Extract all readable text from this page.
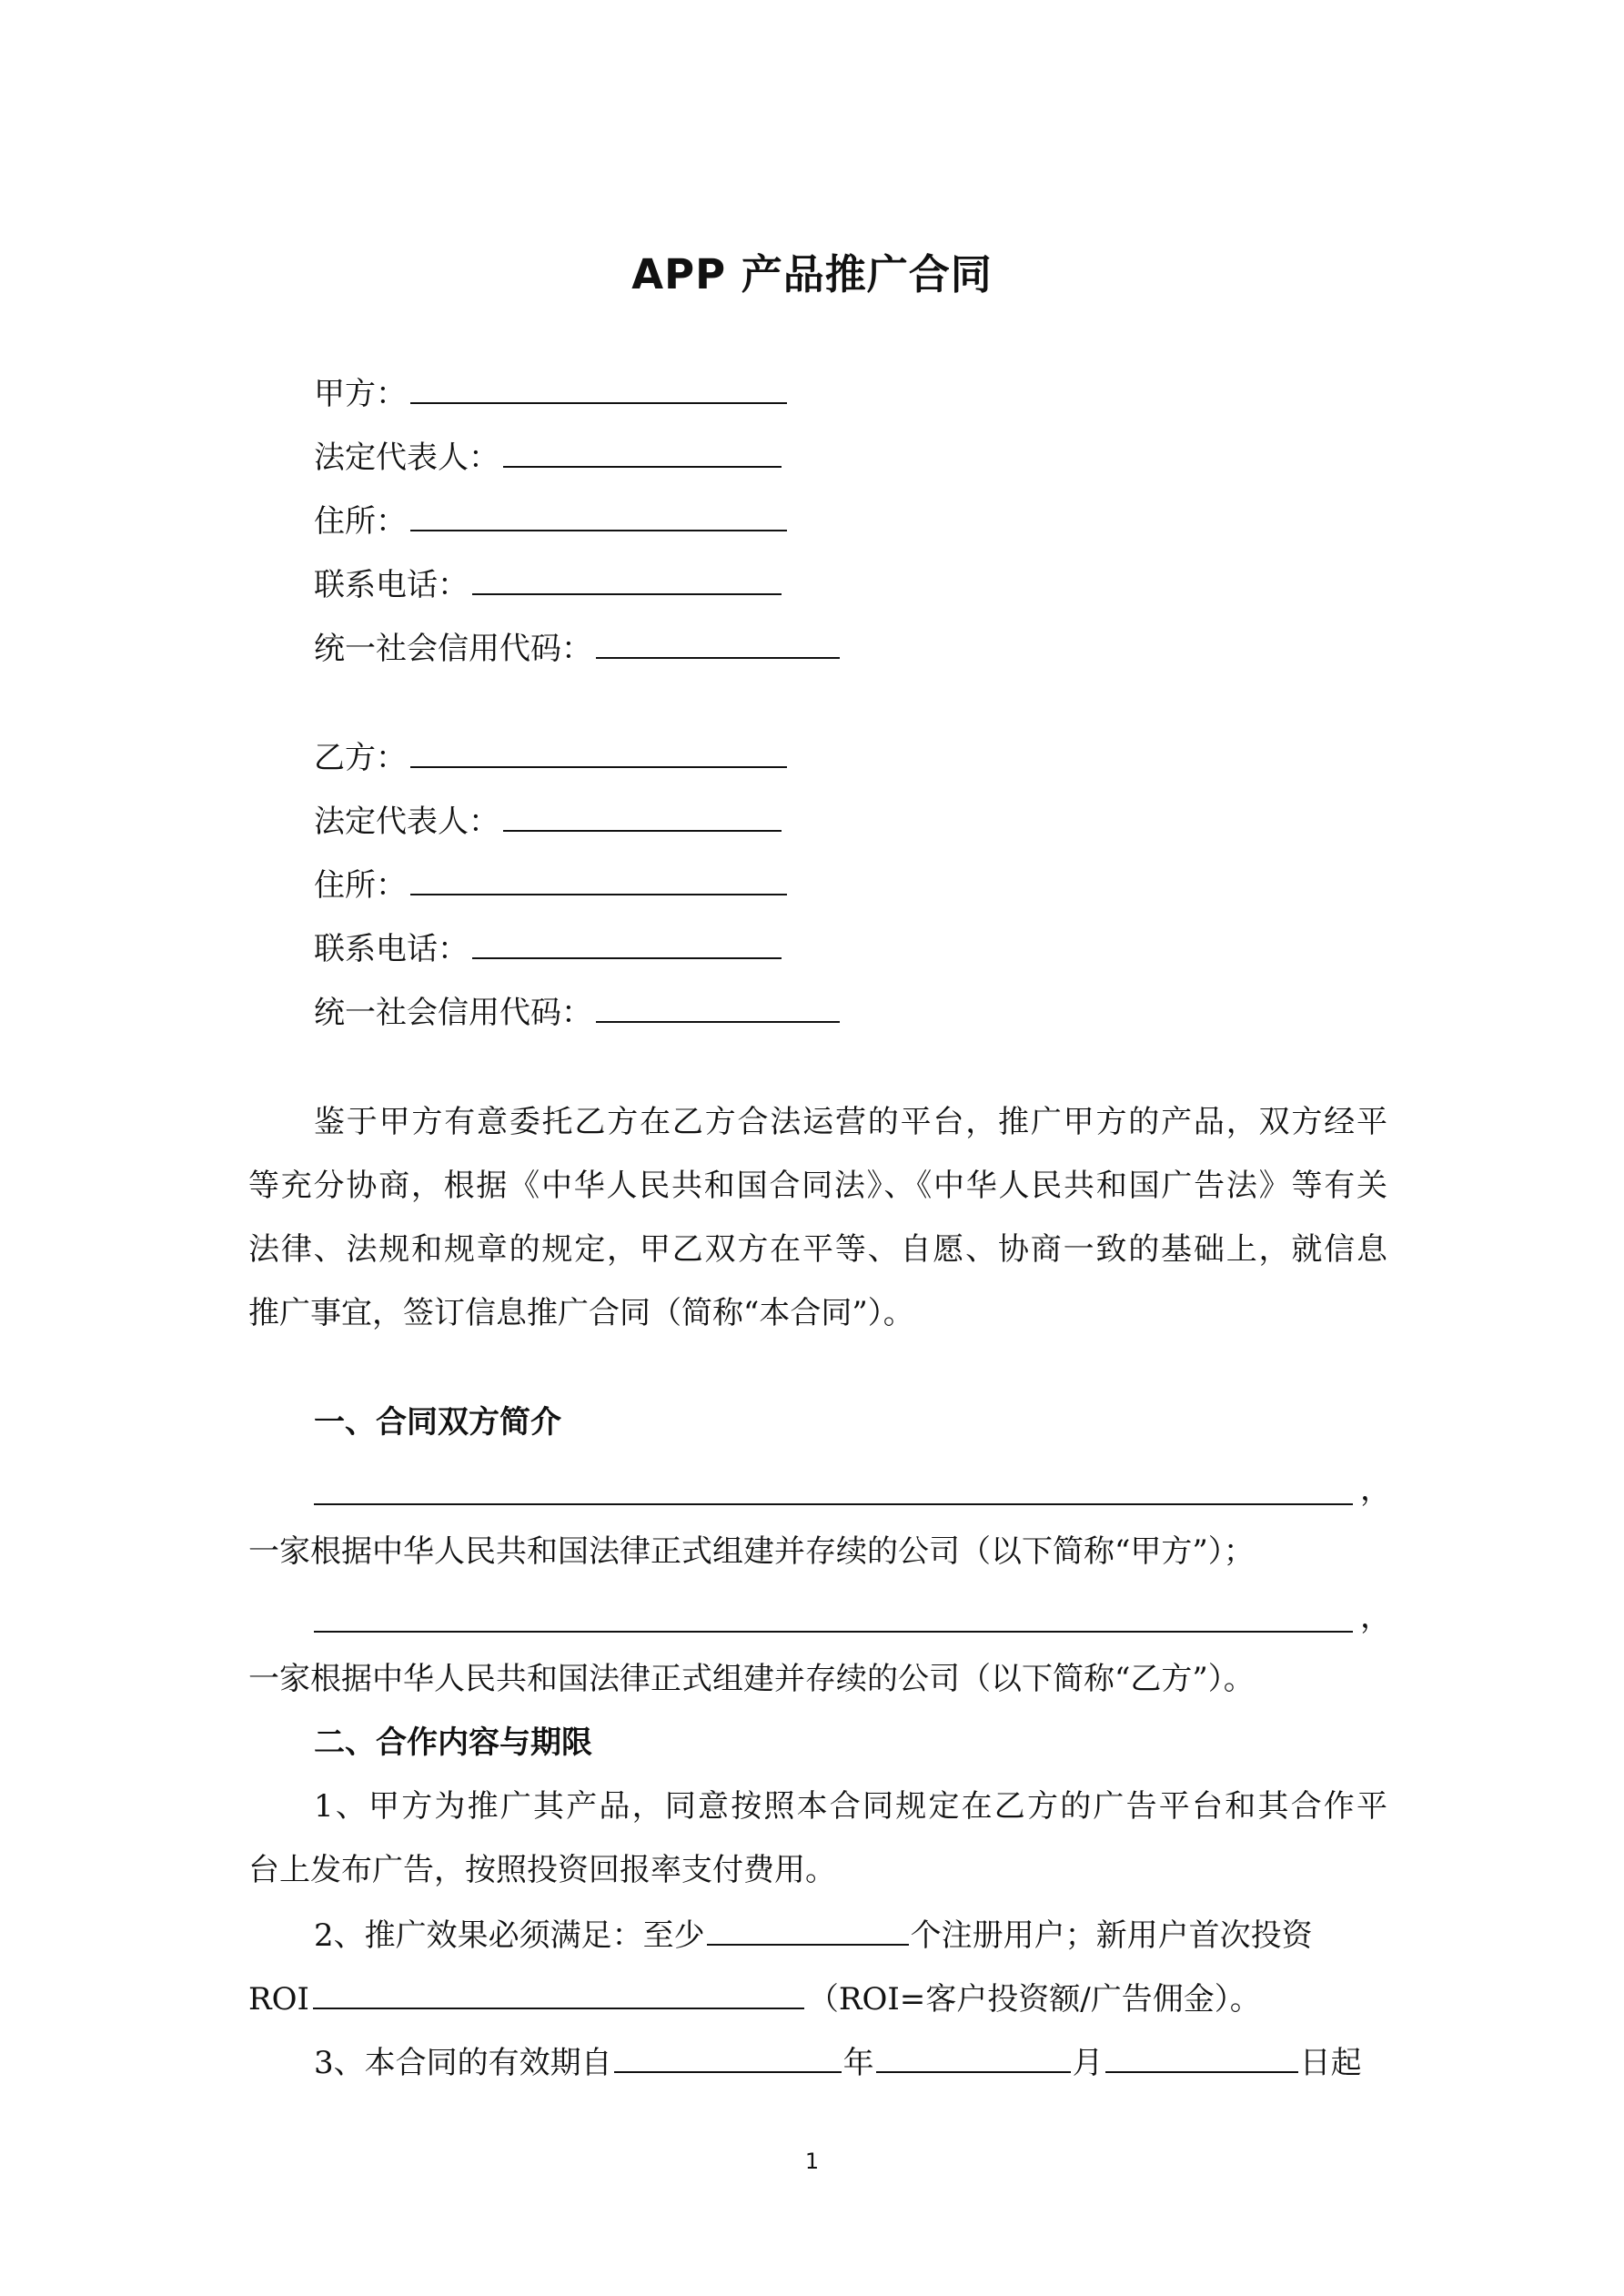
APP 产品推广合同
甲方：
法定代表人：
住所：
联系电话：
统一社会信用代码：
乙方：
法定代表人：
住所：
联系电话：
统一社会信用代码：
鉴于甲方有意委托乙方在乙方合法运营的平台，推广甲方的产品，双方经平
等充分协商，根据《中华人民共和国合同法》、《中华人民共和国广告法》等有关
法律、法规和规章的规定，甲乙双方在平等、自愿、协商一致的基础上，就信息
推广事宜，签订信息推广合同（简称“本合同”）。
一、合同双方简介
，
一家根据中华人民共和国法律正式组建并存续的公司（以下简称“甲方”）；
，
一家根据中华人民共和国法律正式组建并存续的公司（以下简称“乙方”）。
二、合作内容与期限
1、甲方为推广其产品，同意按照本合同规定在乙方的广告平台和其合作平
台上发布广告，按照投资回报率支付费用。
2、推广效果必须满足：至少	个注册用户；新用户首次投资
ROI	（ROI=客户投资额/广告佣金）。
3、本合同的有效期自	年	月	日起
1
